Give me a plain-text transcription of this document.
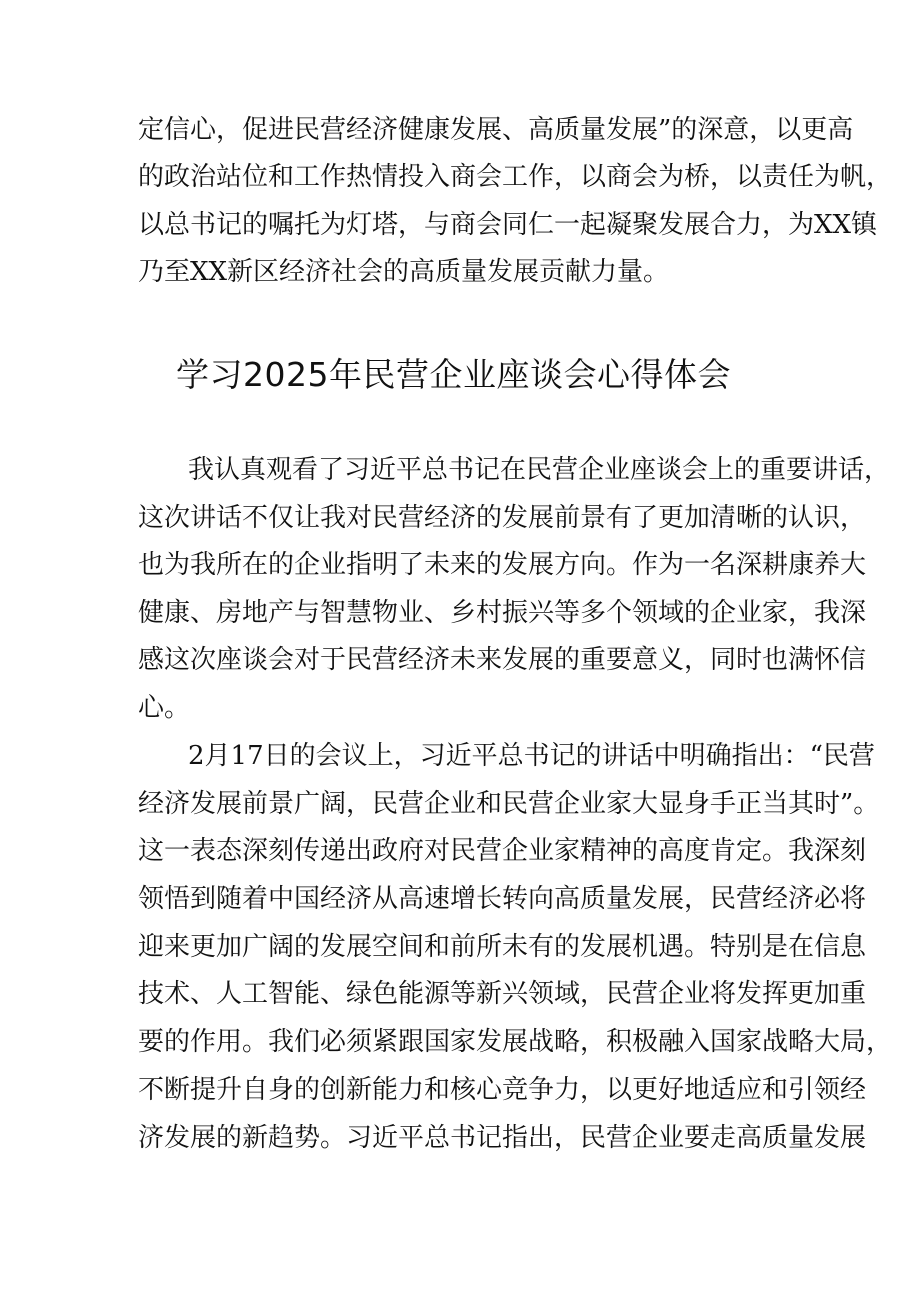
定信心，促进民营经济健康发展、高质量发展”的深意，以更高
的政治站位和工作热情投入商会工作，以商会为桥，以责任为帆，
以总书记的嘱托为灯塔，与商会同仁一起凝聚发展合力，为XX镇
乃至XX新区经济社会的高质量发展贡献力量。
学习2025年民营企业座谈会心得体会
我认真观看了习近平总书记在民营企业座谈会上的重要讲话，
这次讲话不仅让我对民营经济的发展前景有了更加清晰的认识，
也为我所在的企业指明了未来的发展方向。作为一名深耕康养大
健康、房地产与智慧物业、乡村振兴等多个领域的企业家，我深
感这次座谈会对于民营经济未来发展的重要意义，同时也满怀信
心。
2月17日的会议上，习近平总书记的讲话中明确指出：“民营
经济发展前景广阔，民营企业和民营企业家大显身手正当其时”。
这一表态深刻传递出政府对民营企业家精神的高度肯定。我深刻
领悟到随着中国经济从高速增长转向高质量发展，民营经济必将
迎来更加广阔的发展空间和前所未有的发展机遇。特别是在信息
技术、人工智能、绿色能源等新兴领域，民营企业将发挥更加重
要的作用。我们必须紧跟国家发展战略，积极融入国家战略大局，
不断提升自身的创新能力和核心竞争力，以更好地适应和引领经
济发展的新趋势。习近平总书记指出，民营企业要走高质量发展
